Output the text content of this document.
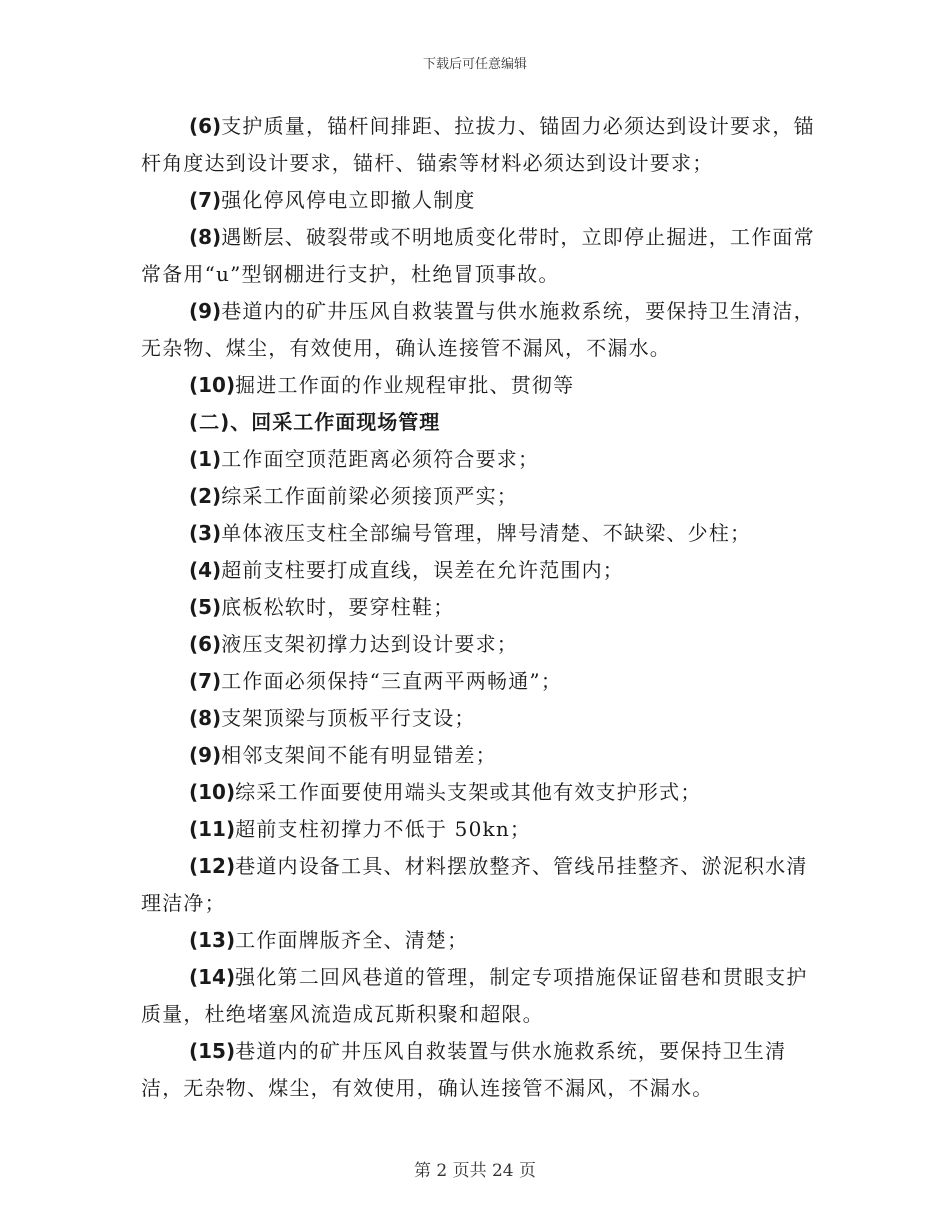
下载后可任意编辑

(6)支护质量，锚杆间排距、拉拔力、锚固力必须达到设计要求，锚杆角度达到设计要求，锚杆、锚索等材料必须达到设计要求；

(7)强化停风停电立即撤人制度

(8)遇断层、破裂带或不明地质变化带时，立即停止掘进，工作面常常备用“u”型钢棚进行支护，杜绝冒顶事故。

(9)巷道内的矿井压风自救装置与供水施救系统，要保持卫生清洁，无杂物、煤尘，有效使用，确认连接管不漏风，不漏水。

(10)掘进工作面的作业规程审批、贯彻等

(二)、回采工作面现场管理

(1)工作面空顶范距离必须符合要求；

(2)综采工作面前梁必须接顶严实；

(3)单体液压支柱全部编号管理，牌号清楚、不缺梁、少柱；

(4)超前支柱要打成直线，误差在允许范围内；

(5)底板松软时，要穿柱鞋；

(6)液压支架初撑力达到设计要求；

(7)工作面必须保持“三直两平两畅通”；

(8)支架顶梁与顶板平行支设；

(9)相邻支架间不能有明显错差；

(10)综采工作面要使用端头支架或其他有效支护形式；

(11)超前支柱初撑力不低于 50kn；

(12)巷道内设备工具、材料摆放整齐、管线吊挂整齐、淤泥积水清理洁净；

(13)工作面牌版齐全、清楚；

(14)强化第二回风巷道的管理，制定专项措施保证留巷和贯眼支护质量，杜绝堵塞风流造成瓦斯积聚和超限。

(15)巷道内的矿井压风自救装置与供水施救系统，要保持卫生清洁，无杂物、煤尘，有效使用，确认连接管不漏风，不漏水。

第 2 页共 24 页
